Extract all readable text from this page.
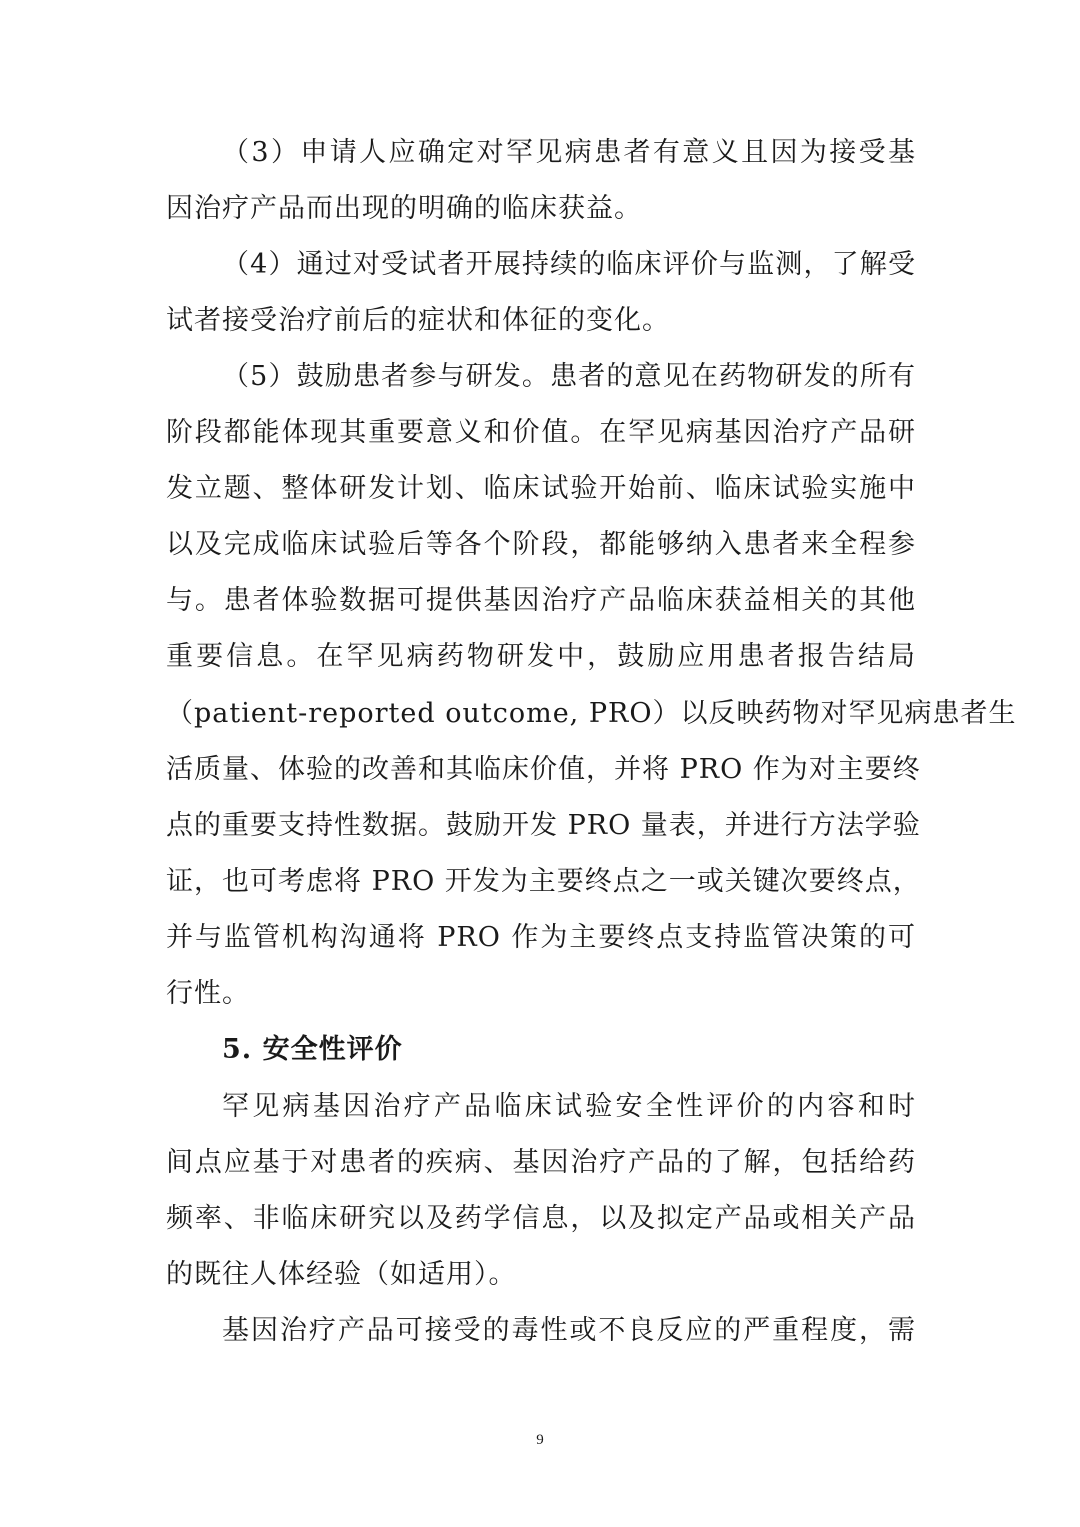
（3）申请人应确定对罕见病患者有意义且因为接受基
因治疗产品而出现的明确的临床获益。
（4）通过对受试者开展持续的临床评价与监测，了解受
试者接受治疗前后的症状和体征的变化。
（5）鼓励患者参与研发。患者的意见在药物研发的所有
阶段都能体现其重要意义和价值。在罕见病基因治疗产品研
发立题、整体研发计划、临床试验开始前、临床试验实施中
以及完成临床试验后等各个阶段，都能够纳入患者来全程参
与。患者体验数据可提供基因治疗产品临床获益相关的其他
重要信息。在罕见病药物研发中，鼓励应用患者报告结局
（patient-reported outcome, PRO）以反映药物对罕见病患者生
活质量、体验的改善和其临床价值，并将 PRO 作为对主要终
点的重要支持性数据。鼓励开发 PRO 量表，并进行方法学验
证，也可考虑将 PRO 开发为主要终点之一或关键次要终点，
并与监管机构沟通将 PRO 作为主要终点支持监管决策的可
行性。
5. 安全性评价
罕见病基因治疗产品临床试验安全性评价的内容和时
间点应基于对患者的疾病、基因治疗产品的了解，包括给药
频率、非临床研究以及药学信息，以及拟定产品或相关产品
的既往人体经验（如适用）。
基因治疗产品可接受的毒性或不良反应的严重程度，需
9
